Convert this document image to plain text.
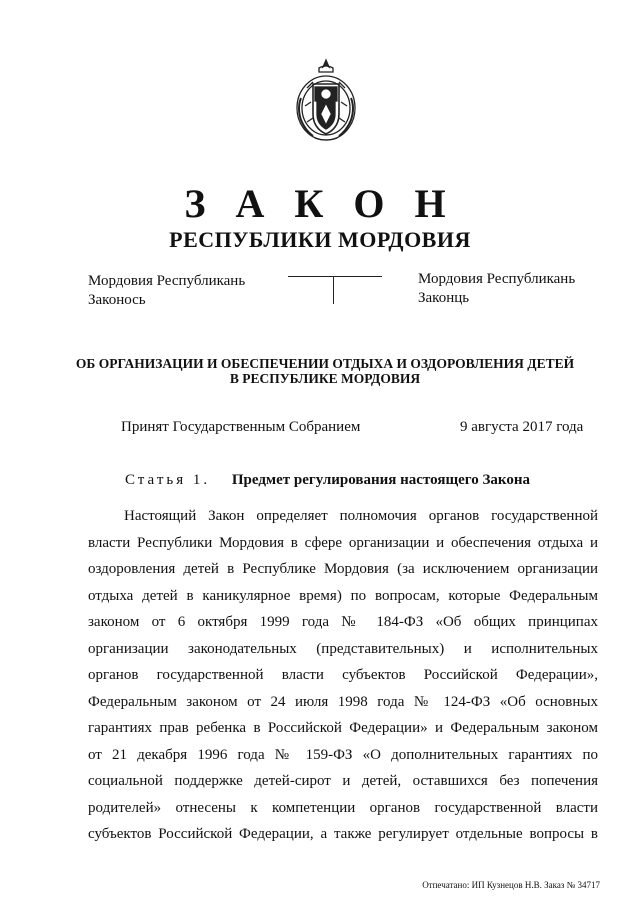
З А К О Н
РЕСПУБЛИКИ МОРДОВИЯ
Мордовия Республикань
Законось
Мордовия Республикань
Законць
ОБ ОРГАНИЗАЦИИ И ОБЕСПЕЧЕНИИ ОТДЫХА И ОЗДОРОВЛЕНИЯ ДЕТЕЙ
В РЕСПУБЛИКЕ МОРДОВИЯ
Принят Государственным Собранием	9 августа 2017 года
Статья 1. Предмет регулирования настоящего Закона
Настоящий Закон определяет полномочия органов государственной
власти Республики Мордовия в сфере организации и обеспечения отдыха и
оздоровления детей в Республике Мордовия (за исключением организации
отдыха детей в каникулярное время) по вопросам, которые Федеральным
законом от 6 октября 1999 года № 184-ФЗ «Об общих принципах
организации законодательных (представительных) и исполнительных
органов государственной власти субъектов Российской Федерации»,
Федеральным законом от 24 июля 1998 года № 124-ФЗ «Об основных
гарантиях прав ребенка в Российской Федерации» и Федеральным законом
от 21 декабря 1996 года № 159-ФЗ «О дополнительных гарантиях по
социальной поддержке детей-сирот и детей, оставшихся без попечения
родителей» отнесены к компетенции органов государственной власти
субъектов Российской Федерации, а также регулирует отдельные вопросы в
Отпечатано: ИП Кузнецов Н.В. Заказ № 34717
